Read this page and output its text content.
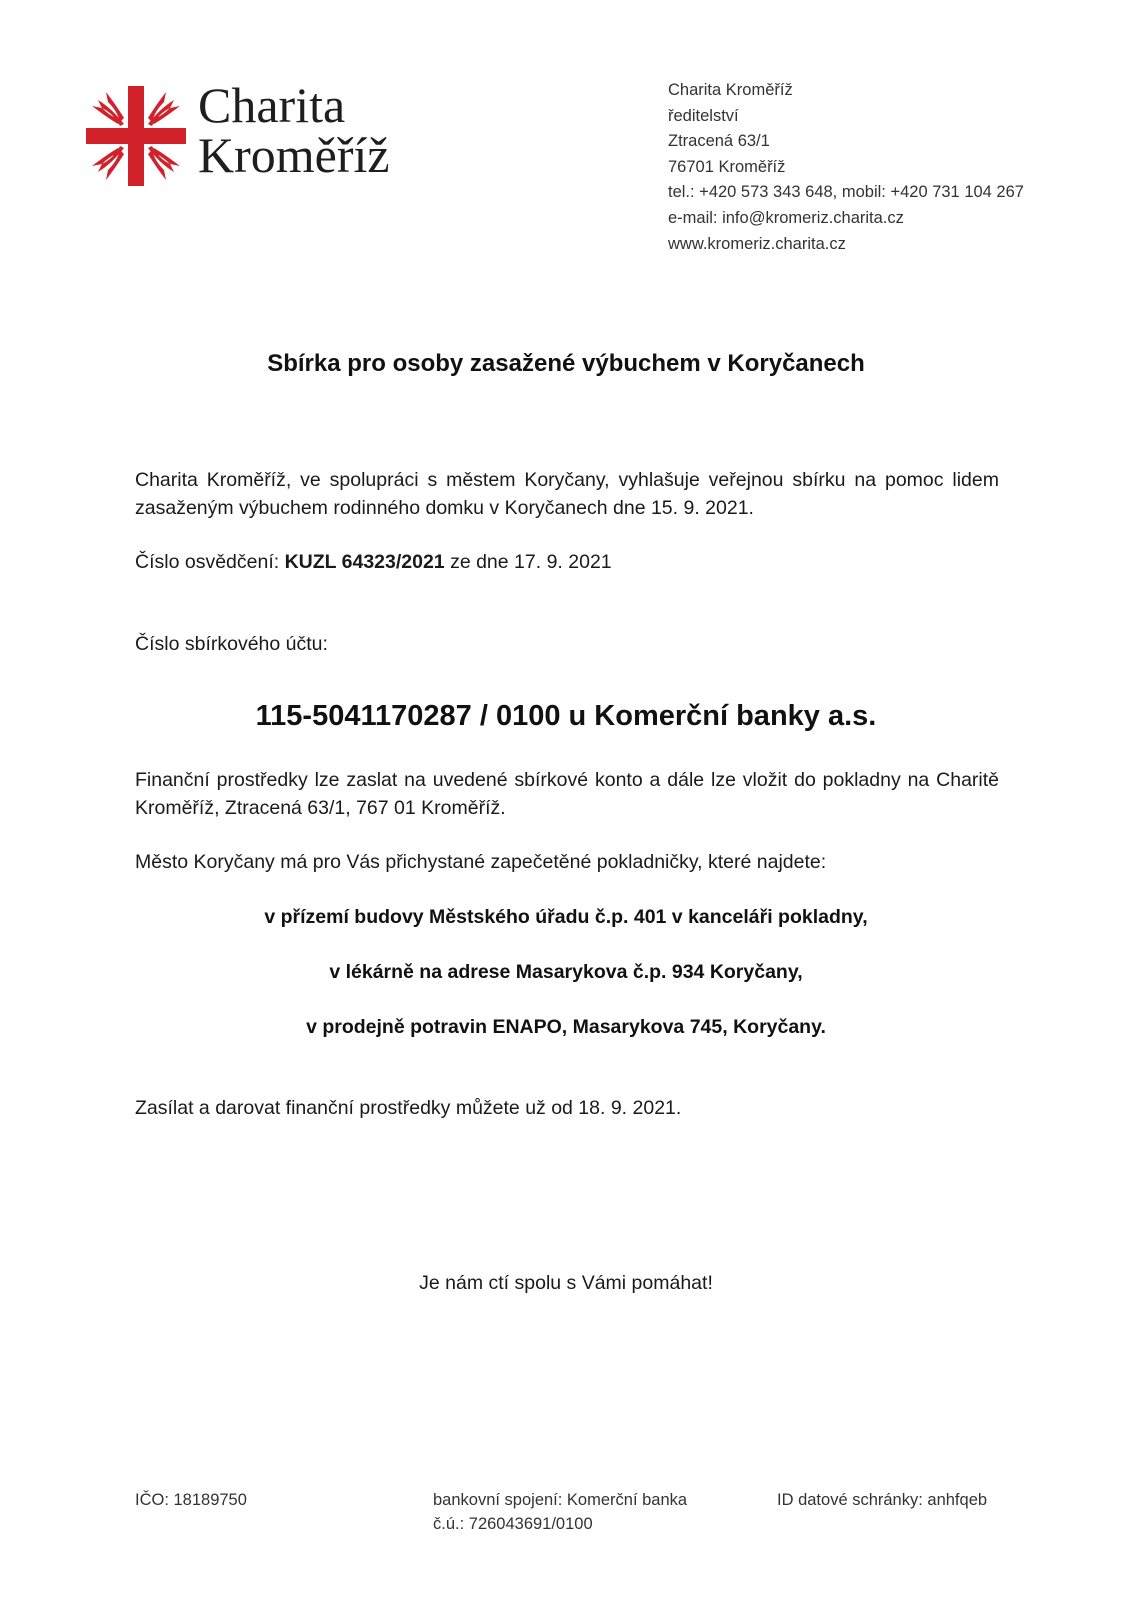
Charita
Kroměříž
Charita Kroměříž
ředitelství
Ztracená 63/1
76701 Kroměříž
tel.: +420 573 343 648, mobil: +420 731 104 267
e-mail: info@kromeriz.charita.cz
www.kromeriz.charita.cz
Sbírka pro osoby zasažené výbuchem v Koryčanech
Charita Kroměříž, ve spolupráci s městem Koryčany, vyhlašuje veřejnou sbírku na pomoc lidem zasaženým výbuchem rodinného domku v Koryčanech dne 15. 9. 2021.
Číslo osvědčení: KUZL 64323/2021 ze dne 17. 9. 2021
Číslo sbírkového účtu:
115-5041170287 / 0100 u Komerční banky a.s.
Finanční prostředky lze zaslat na uvedené sbírkové konto a dále lze vložit do pokladny na Charitě Kroměříž, Ztracená 63/1, 767 01 Kroměříž.
Město Koryčany má pro Vás přichystané zapečetěné pokladničky, které najdete:
v přízemí budovy Městského úřadu č.p. 401 v kanceláři pokladny,
v lékárně na adrese Masarykova č.p. 934 Koryčany,
v prodejně potravin ENAPO, Masarykova 745, Koryčany.
Zasílat a darovat finanční prostředky můžete už od 18. 9. 2021.
Je nám ctí spolu s Vámi pomáhat!
IČO: 18189750	bankovní spojení: Komerční banka
č.ú.: 726043691/0100
ID datové schránky: anhfqeb
